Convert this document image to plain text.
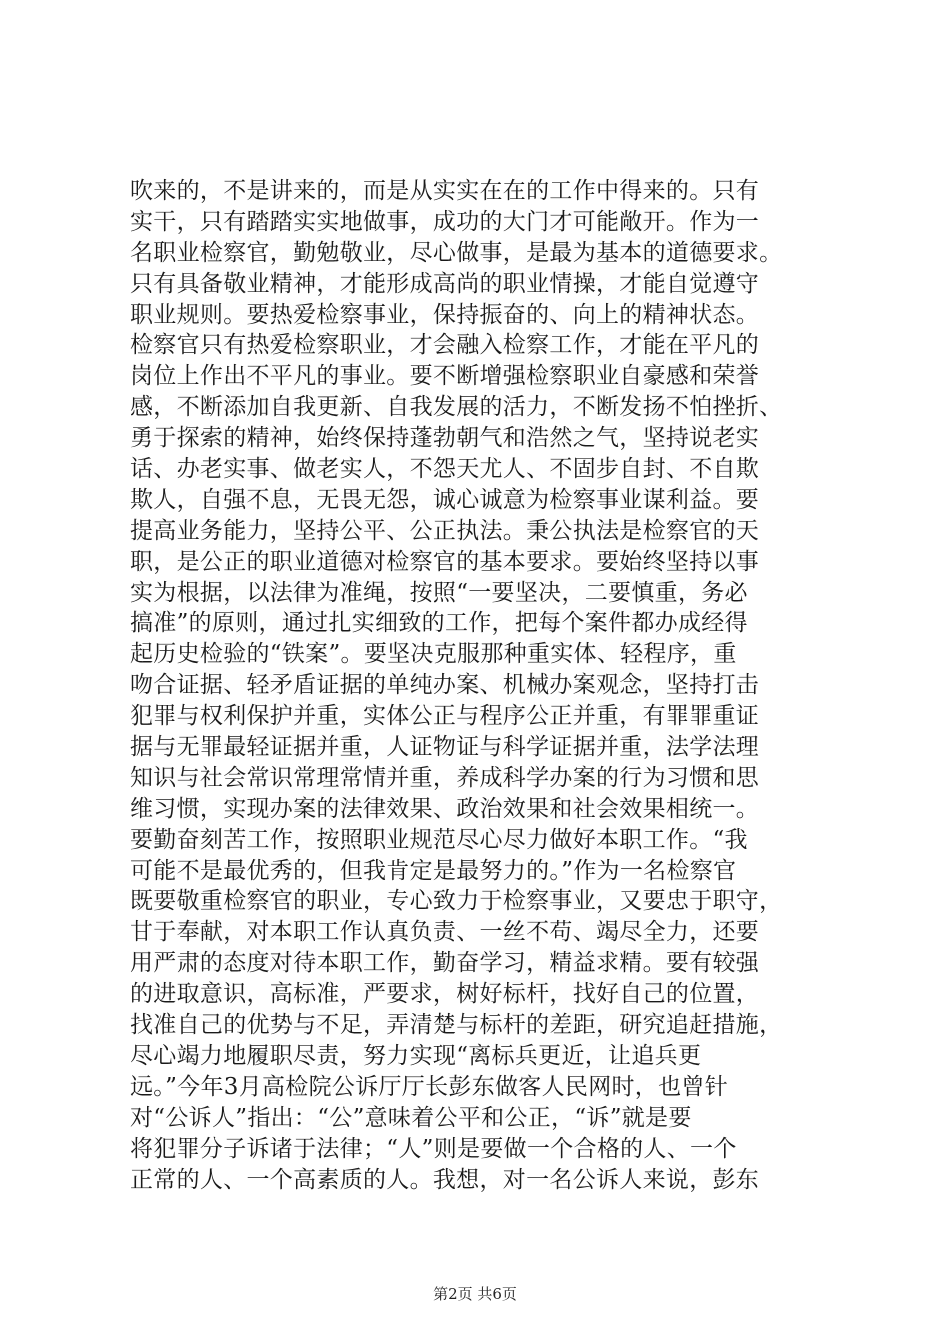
吹来的，不是讲来的，而是从实实在在的工作中得来的。只有
实干，只有踏踏实实地做事，成功的大门才可能敞开。作为一
名职业检察官，勤勉敬业，尽心做事，是最为基本的道德要求。
只有具备敬业精神，才能形成高尚的职业情操，才能自觉遵守
职业规则。要热爱检察事业，保持振奋的、向上的精神状态。
检察官只有热爱检察职业，才会融入检察工作，才能在平凡的
岗位上作出不平凡的事业。要不断增强检察职业自豪感和荣誉
感，不断添加自我更新、自我发展的活力，不断发扬不怕挫折、
勇于探索的精神，始终保持蓬勃朝气和浩然之气，坚持说老实
话、办老实事、做老实人，不怨天尤人、不固步自封、不自欺
欺人，自强不息，无畏无怨，诚心诚意为检察事业谋利益。要
提高业务能力，坚持公平、公正执法。秉公执法是检察官的天
职，是公正的职业道德对检察官的基本要求。要始终坚持以事
实为根据，以法律为准绳，按照“一要坚决，二要慎重，务必
搞准”的原则，通过扎实细致的工作，把每个案件都办成经得
起历史检验的“铁案”。要坚决克服那种重实体、轻程序，重
吻合证据、轻矛盾证据的单纯办案、机械办案观念，坚持打击
犯罪与权利保护并重，实体公正与程序公正并重，有罪罪重证
据与无罪最轻证据并重，人证物证与科学证据并重，法学法理
知识与社会常识常理常情并重，养成科学办案的行为习惯和思
维习惯，实现办案的法律效果、政治效果和社会效果相统一。
要勤奋刻苦工作，按照职业规范尽心尽力做好本职工作。“我
可能不是最优秀的，但我肯定是最努力的。”作为一名检察官
既要敬重检察官的职业，专心致力于检察事业，又要忠于职守，
甘于奉献，对本职工作认真负责、一丝不苟、竭尽全力，还要
用严肃的态度对待本职工作，勤奋学习，精益求精。要有较强
的进取意识，高标准，严要求，树好标杆，找好自己的位置，
找准自己的优势与不足，弄清楚与标杆的差距，研究追赶措施，
尽心竭力地履职尽责，努力实现“离标兵更近，让追兵更
远。”今年3月高检院公诉厅厅长彭东做客人民网时，也曾针
对“公诉人”指出：“公”意味着公平和公正，“诉”就是要
将犯罪分子诉诸于法律；“人”则是要做一个合格的人、一个
正常的人、一个高素质的人。我想，对一名公诉人来说，彭东
第2页 共6页
